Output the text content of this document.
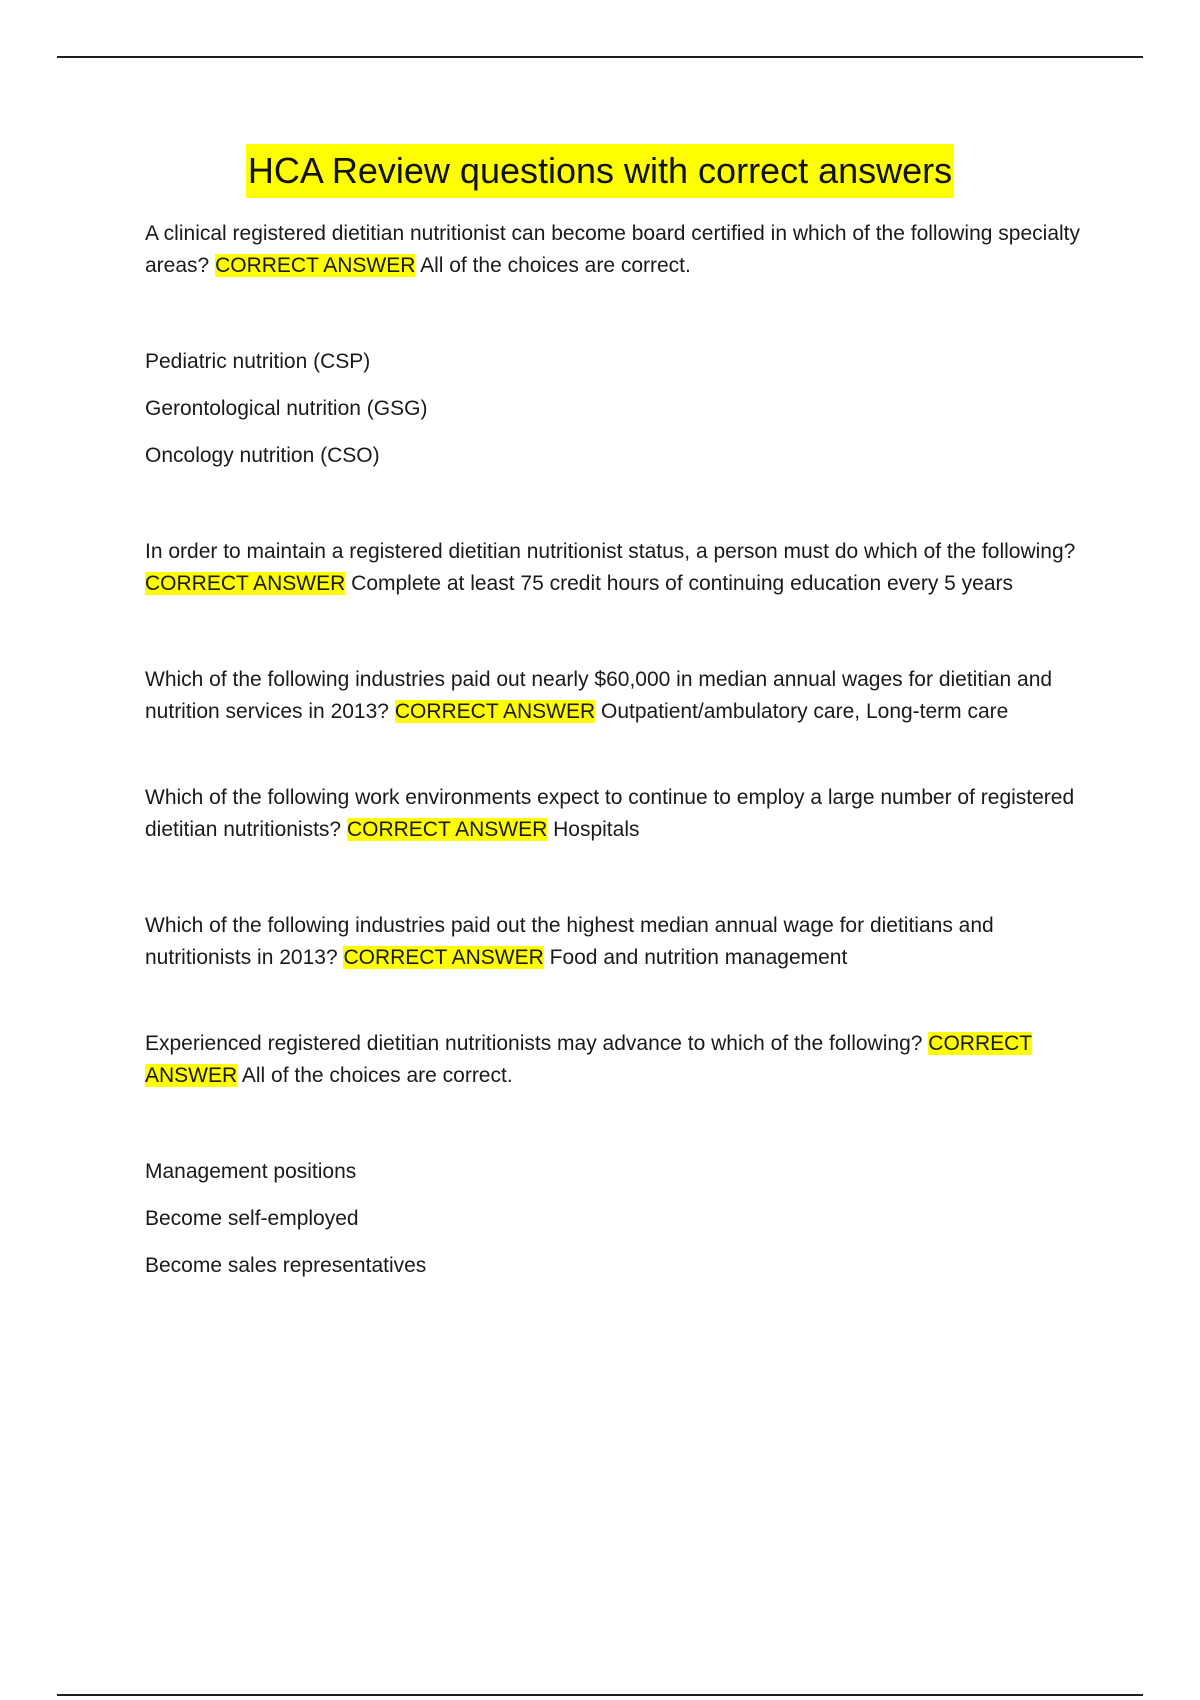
HCA Review questions with correct answers

A clinical registered dietitian nutritionist can become board certified in which of the following specialty areas? CORRECT ANSWER All of the choices are correct.

Pediatric nutrition (CSP)

Gerontological nutrition (GSG)

Oncology nutrition (CSO)

In order to maintain a registered dietitian nutritionist status, a person must do which of the following? CORRECT ANSWER Complete at least 75 credit hours of continuing education every 5 years

Which of the following industries paid out nearly $60,000 in median annual wages for dietitian and nutrition services in 2013? CORRECT ANSWER Outpatient/ambulatory care, Long-term care

Which of the following work environments expect to continue to employ a large number of registered dietitian nutritionists? CORRECT ANSWER Hospitals

Which of the following industries paid out the highest median annual wage for dietitians and nutritionists in 2013? CORRECT ANSWER Food and nutrition management

Experienced registered dietitian nutritionists may advance to which of the following? CORRECT
ANSWER All of the choices are correct.

Management positions

Become self-employed

Become sales representatives
